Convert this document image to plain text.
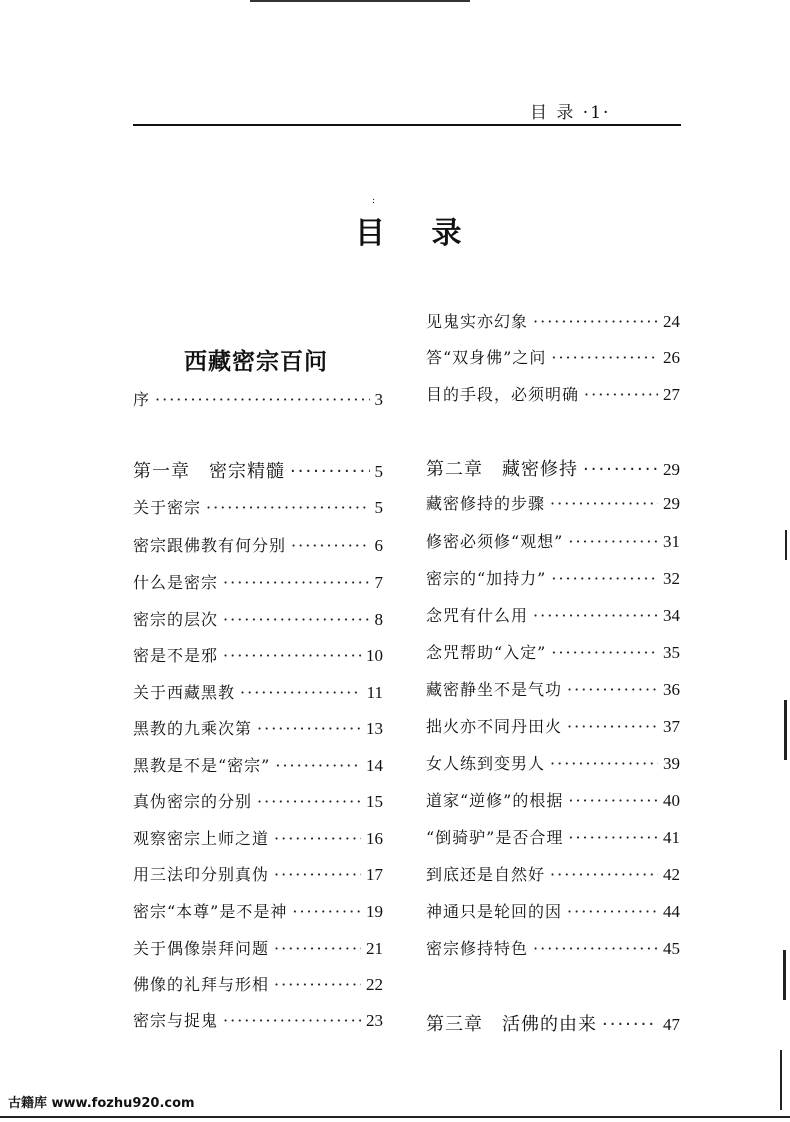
目 录 ·1·
:
目 录
西藏密宗百问
序 ·····	3
第一章　密宗精髓 ·····	5
关于密宗 ·····	5
密宗跟佛教有何分别 ·····	6
什么是密宗 ·····	7
密宗的层次 ·····	8
密是不是邪 ·····	10
关于西藏黑教 ·····	11
黑教的九乘次第 ·····	13
黑教是不是“密宗” ·····	14
真伪密宗的分别 ·····	15
观察密宗上师之道 ·····	16
用三法印分别真伪 ·····	17
密宗“本尊”是不是神 ·····	19
关于偶像崇拜问题 ·····	21
佛像的礼拜与形相 ·····	22
密宗与捉鬼 ·····	23
见鬼实亦幻象 ·····	24
答“双身佛”之问 ·····	26
目的手段，必须明确 ·····	27
第二章　藏密修持 ·····	29
藏密修持的步骤 ·····	29
修密必须修“观想” ·····	31
密宗的“加持力” ·····	32
念咒有什么用 ·····	34
念咒帮助“入定” ·····	35
藏密静坐不是气功 ·····	36
拙火亦不同丹田火 ·····	37
女人练到变男人 ·····	39
道家“逆修”的根据 ·····	40
“倒骑驴”是否合理 ·····	41
到底还是自然好 ·····	42
神通只是轮回的因 ·····	44
密宗修持特色 ·····	45
第三章　活佛的由来 ·····	47
古籍库 www.fozhu920.com
